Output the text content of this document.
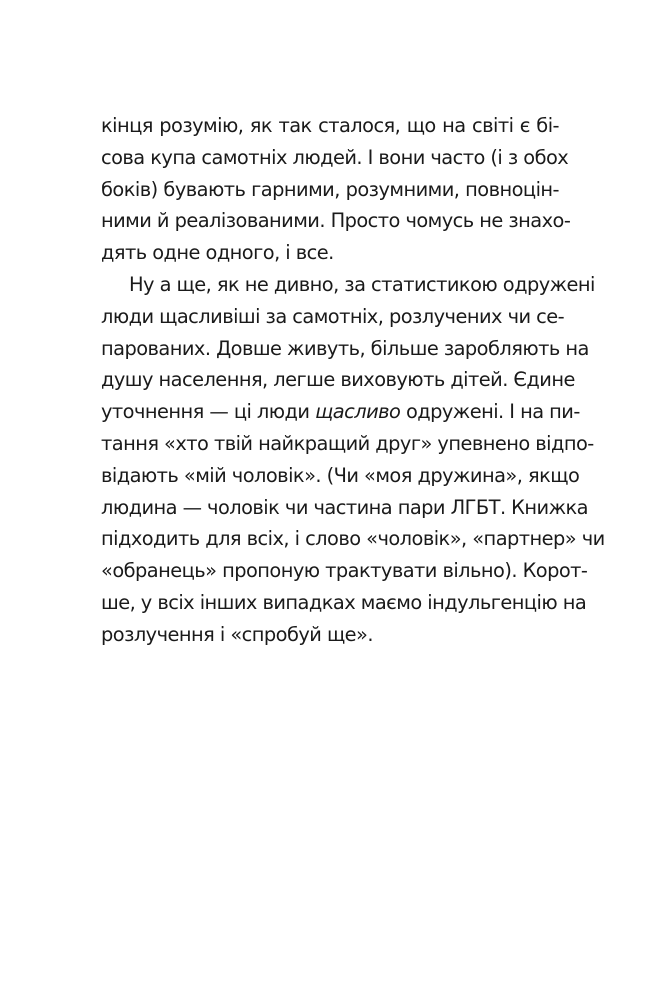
кінця розумію, як так сталося, що на світі є бі-
сова купа самотніх людей. І вони часто (і з обох
боків) бувають гарними, розумними, повноцін-
ними й реалізованими. Просто чомусь не знахо-
дять одне одного, і все.
Ну а ще, як не дивно, за статистикою одружені
люди щасливіші за самотніх, розлучених чи се-
парованих. Довше живуть, більше заробляють на
душу населення, легше виховують дітей. Єдине
уточнення — ці люди щасливо одружені. І на пи-
тання «хто твій найкращий друг» упевнено відпо-
відають «мій чоловік». (Чи «моя дружина», якщо
людина — чоловік чи частина пари ЛГБТ. Книжка
підходить для всіх, і слово «чоловік», «партнер» чи
«обранець» пропоную трактувати вільно). Корот-
ше, у всіх інших випадках маємо індульгенцію на
розлучення і «спробуй ще».
